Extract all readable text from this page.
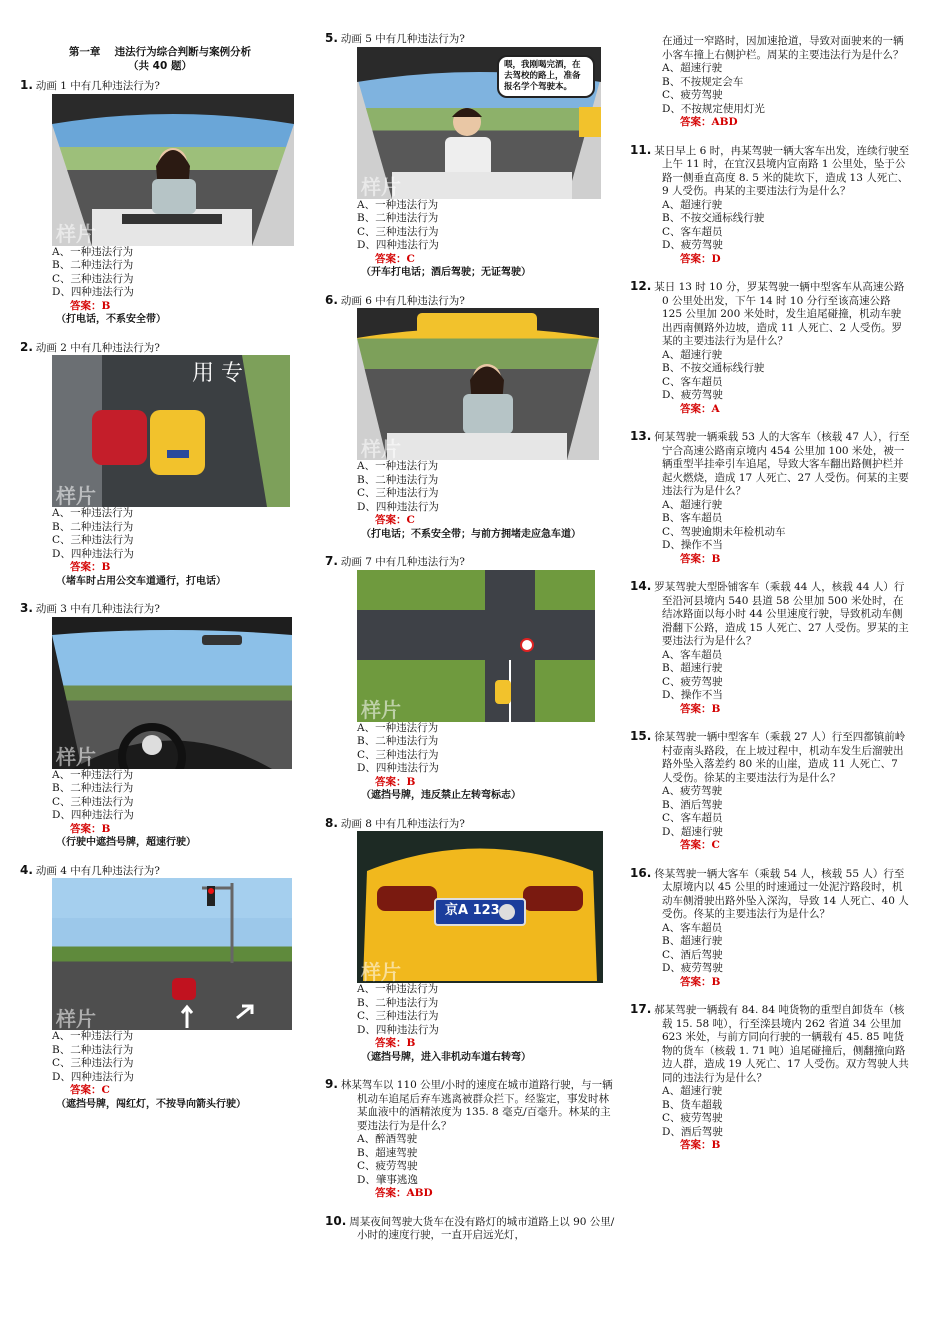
第一章　 违法行为综合判断与案例分析
（共 40 题）
1. 动画 1 中有几种违法行为?
样片
A、一种违法行为
B、二种违法行为
C、三种违法行为
D、四种违法行为
答案：B
（打电话，不系安全带）
2. 动画 2 中有几种违法行为?
用 专
样片
A、一种违法行为
B、二种违法行为
C、三种违法行为
D、四种违法行为
答案：B
（堵车时占用公交车道通行，打电话）
3. 动画 3 中有几种违法行为?
样片
A、一种违法行为
B、二种违法行为
C、三种违法行为
D、四种违法行为
答案：B
（行驶中遮挡号牌，超速行驶）
4. 动画 4 中有几种违法行为?
样片
A、一种违法行为
B、二种违法行为
C、三种违法行为
D、四种违法行为
答案：C
（遮挡号牌，闯红灯，不按导向箭头行驶）
5. 动画 5 中有几种违法行为?
喂，我刚喝完酒，在去驾校的路上，准备报名学个驾驶本。
样片
A、一种违法行为
B、二种违法行为
C、三种违法行为
D、四种违法行为
答案：C
（开车打电话；酒后驾驶；无证驾驶）
6. 动画 6 中有几种违法行为?
样片
A、一种违法行为
B、二种违法行为
C、三种违法行为
D、四种违法行为
答案：C
（打电话；不系安全带；与前方拥堵走应急车道）
7. 动画 7 中有几种违法行为?
样片
A、一种违法行为
B、二种违法行为
C、三种违法行为
D、四种违法行为
答案：B
（遮挡号牌，违反禁止左转弯标志）
8. 动画 8 中有几种违法行为?
京A 123
样片
A、一种违法行为
B、二种违法行为
C、三种违法行为
D、四种违法行为
答案：B
（遮挡号牌，进入非机动车道右转弯）
9. 林某驾车以 110 公里/小时的速度在城市道路行驶，与一辆机动车追尾后弃车逃离被群众拦下。经鉴定，事发时林某血液中的酒精浓度为 135. 8 毫克/百毫升。林某的主要违法行为是什么？
A、醉酒驾驶
B、超速驾驶
C、疲劳驾驶
D、肇事逃逸
答案：ABD
10. 周某夜间驾驶大货车在没有路灯的城市道路上以 90 公里/小时的速度行驶，一直开启远光灯，
在通过一窄路时，因加速抢道，导致对面驶来的一辆小客车撞上右侧护栏。周某的主要违法行为是什么？
A、超速行驶
B、不按规定会车
C、疲劳驾驶
D、不按规定使用灯光
答案：ABD
11. 某日早上 6 时，冉某驾驶一辆大客车出发，连续行驶至上午 11 时，在宜汉县境内宣南路 1 公里处，坠于公路一侧垂直高度 8. 5 米的陡坎下，造成 13 人死亡、9 人受伤。冉某的主要违法行为是什么？
A、超速行驶
B、不按交通标线行驶
C、客车超员
D、疲劳驾驶
答案：D
12. 某日 13 时 10 分，罗某驾驶一辆中型客车从高速公路 0 公里处出发，下午 14 时 10 分行至该高速公路 125 公里加 200 米处时，发生追尾碰撞，机动车驶出西南侧路外边坡，造成 11 人死亡、2 人受伤。罗某的主要违法行为是什么？
A、超速行驶
B、不按交通标线行驶
C、客车超员
D、疲劳驾驶
答案：A
13. 何某驾驶一辆乘载 53 人的大客车（核载 47 人），行至宁合高速公路南京境内 454 公里加 100 米处，被一辆重型半挂牵引车追尾，导致大客车翻出路侧护栏并起火燃烧，造成 17 人死亡、27 人受伤。何某的主要违法行为是什么？
A、超速行驶
B、客车超员
C、驾驶逾期未年检机动车
D、操作不当
答案：B
14. 罗某驾驶大型卧铺客车（乘载 44 人，核载 44 人）行至沿河县境内 540 县道 58 公里加 500 米处时，在结冰路面以每小时 44 公里速度行驶，导致机动车侧滑翻下公路，造成 15 人死亡、27 人受伤。罗某的主要违法行为是什么？
A、客车超员
B、超速行驶
C、疲劳驾驶
D、操作不当
答案：B
15. 徐某驾驶一辆中型客车（乘载 27 人）行至四都镇前岭村壶南头路段，在上坡过程中，机动车发生后溜驶出路外坠入落差约 80 米的山崖，造成 11 人死亡、7 人受伤。徐某的主要违法行为是什么？
A、疲劳驾驶
B、酒后驾驶
C、客车超员
D、超速行驶
答案：C
16. 佟某驾驶一辆大客车（乘载 54 人，核载 55 人）行至太原境内以 45 公里的时速通过一处泥泞路段时，机动车侧滑驶出路外坠入深沟，导致 14 人死亡、40 人受伤。佟某的主要违法行为是什么？
A、客车超员
B、超速行驶
C、酒后驾驶
D、疲劳驾驶
答案：B
17. 郝某驾驶一辆载有 84. 84 吨货物的重型自卸货车（核载 15. 58 吨），行至滦县境内 262 省道 34 公里加 623 米处，与前方同向行驶的一辆载有 45. 85 吨货物的货车（核载 1. 71 吨）追尾碰撞后，侧翻撞向路边人群，造成 19 人死亡、17 人受伤。双方驾驶人共同的违法行为是什么？
A、超速行驶
B、货车超载
C、疲劳驾驶
D、酒后驾驶
答案：B
